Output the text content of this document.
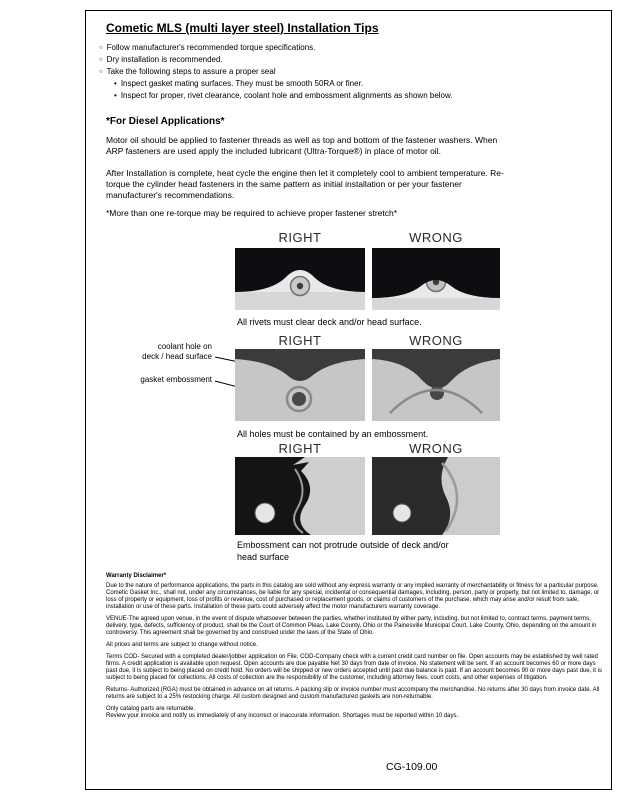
Cometic MLS (multi layer steel) Installation Tips
○ Follow manufacturer's recommended torque specifications.
○ Dry installation is recommended.
○ Take the following steps to assure a proper seal
• Inspect gasket mating surfaces. They must be smooth 50RA or finer.
• Inspect for proper, rivet clearance, coolant hole and embossment alignments as shown below.
*For Diesel Applications*
Motor oil should be applied to fastener threads as well as top and bottom of the fastener washers. When ARP fasteners are used apply the included lubricant (Ultra-Torque®) in place of motor oil.
After Installation is complete, heat cycle the engine then let it completely cool to ambient temperature. Re-torque the cylinder head fasteners in the same pattern as initial installation or per your fastener manufacturer's recommendations.
*More than one re-torque may be required to achieve proper fastener stretch*
RIGHT	WRONG
All rivets must clear deck and/or head surface.
RIGHT	WRONG
coolant hole on
deck / head surface
gasket embossment
All holes must be contained by an embossment.
RIGHT	WRONG
Embossment can not protrude outside of deck and/or head surface
Warranty Disclaimer*

Due to the nature of performance applications, the parts in this catalog are sold without any express warranty or any implied warranty of merchantability or fitness for a particular purpose. Cometic Gasket Inc., shall not, under any circumstances, be liable for any special, incidental or consequential damages, including, person, party or property, but not limited to, damage, or loss of property or equipment, loss of profits or revenue, cost of purchased or replacement goods, or claims of customers of the purchase, which may arise and/or result from sale, installation or use of these parts. Installation of these parts could adversely affect the motor manufacturers warranty coverage.

VENUE-The agreed upon venue, in the event of dispute whatsoever between the parties, whether instituted by either party, including, but not limited to, contract terms, payment terms, delivery, type, defects, sufficiency of product, shall be the Court of Common Pleas, Lake County, Ohio or the Painesville Municipal Court, Lake County, Ohio, depending on the amount in controversy. This agreement shall be governed by and construed under the laws of the State of Ohio.

All prices and terms are subject to change without notice.

Terms COD- Secured with a completed dealer/jobber application on File, COD-Company check with a current credit card number on file. Open accounts may be established by well rated firms. A credit application is available upon request. Open accounts are due payable Net 30 days from date of invoice. No statement will be sent. If an account becomes 60 or more days past due, it is subject to being placed on credit hold. No orders will be shipped or new orders accepted until past due balance is paid. If an account becomes 90 or more days past due, it is subject to being placed for collections. All costs of collection are the responsibility of the customer, including attorney fees, court costs, and other expenses of litigation.

Returns- Authorized (RGA) must be obtained in advance on all returns. A packing slip or invoice number must accompany the merchandise. No returns after 30 days from invoice date. All returns are subject to a 25% restocking charge. All custom designed and custom manufactured gaskets are non-returnable.

Only catalog parts are returnable.

Review your invoice and notify us immediately of any incorrect or inaccurate information. Shortages must be reported within 10 days.

CG-109.00
